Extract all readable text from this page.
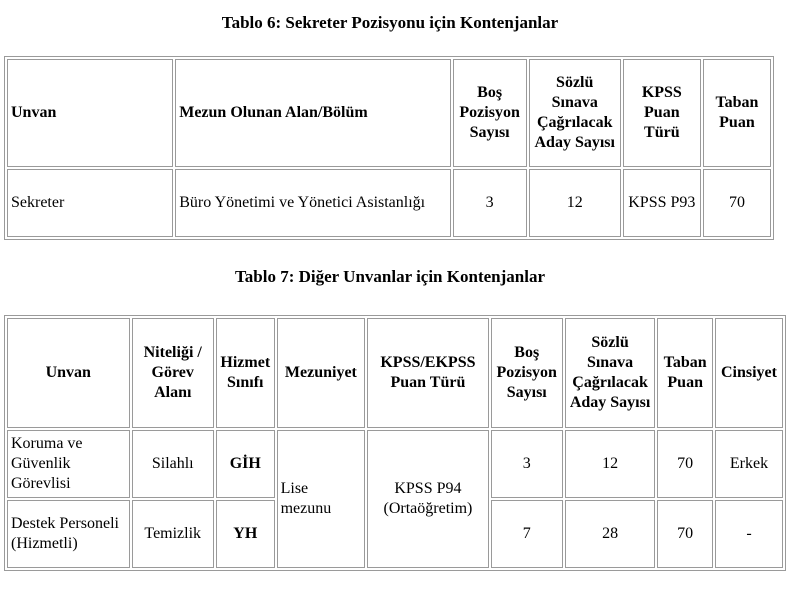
Tablo 6: Sekreter Pozisyonu için Kontenjanlar
Unvan	Mezun Olunan Alan/Bölüm	Boş Pozisyon Sayısı	Sözlü Sınava Çağrılacak Aday Sayısı	KPSS Puan Türü	Taban Puan
Sekreter	Büro Yönetimi ve Yönetici Asistanlığı	3	12	KPSS P93	70
Tablo 7: Diğer Unvanlar için Kontenjanlar
Unvan	Niteliği / Görev Alanı	Hizmet Sınıfı	Mezuniyet	KPSS/EKPSS Puan Türü	Boş Pozisyon Sayısı	Sözlü Sınava Çağrılacak Aday Sayısı	Taban Puan	Cinsiyet
Koruma ve Güvenlik Görevlisi	Silahlı	GİH	Lise mezunu	KPSS P94 (Ortaöğretim)	3	12	70	Erkek
Destek Personeli (Hizmetli)	Temizlik	YH			7	28	70	-
